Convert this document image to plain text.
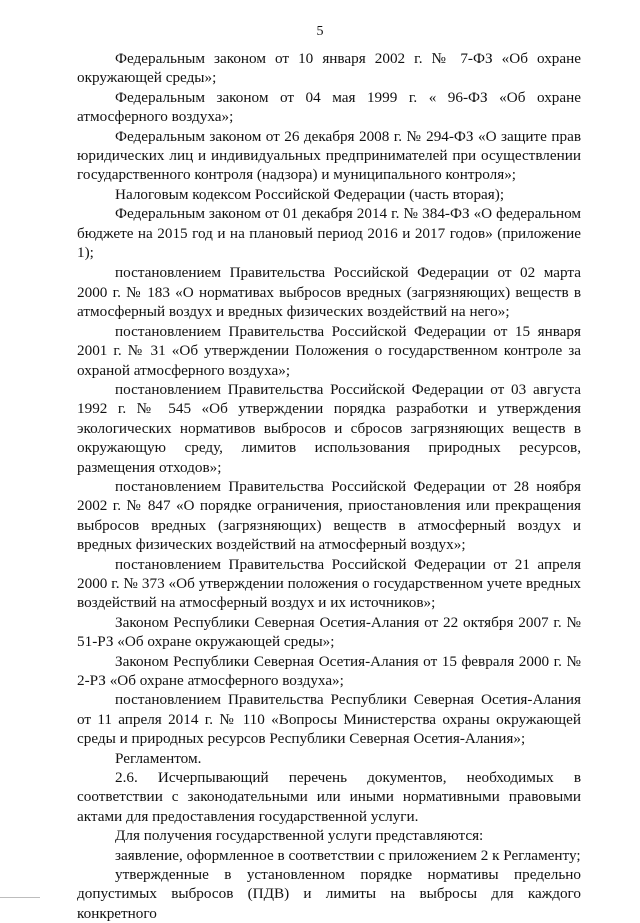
5

Федеральным законом от 10 января 2002 г. № 7-ФЗ «Об охране окружающей среды»;

Федеральным законом от 04 мая 1999 г. « 96-ФЗ «Об охране атмосферного воздуха»;

Федеральным законом от 26 декабря 2008 г. № 294-ФЗ «О защите прав юридических лиц и индивидуальных предпринимателей при осуществлении государственного контроля (надзора) и муниципального контроля»;

Налоговым кодексом Российской Федерации (часть вторая);

Федеральным законом от 01 декабря 2014 г. № 384-ФЗ «О федеральном бюджете на 2015 год и на плановый период 2016 и 2017 годов» (приложение 1);

постановлением Правительства Российской Федерации от 02 марта 2000 г. № 183 «О нормативах выбросов вредных (загрязняющих) веществ в атмосферный воздух и вредных физических воздействий на него»;

постановлением Правительства Российской Федерации от 15 января 2001 г. № 31 «Об утверждении Положения о государственном контроле за охраной атмосферного воздуха»;

постановлением Правительства Российской Федерации от 03 августа 1992 г. № 545 «Об утверждении порядка разработки и утверждения экологических нормативов выбросов и сбросов загрязняющих веществ в окружающую среду, лимитов использования природных ресурсов, размещения отходов»;

постановлением Правительства Российской Федерации от 28 ноября 2002 г. № 847 «О порядке ограничения, приостановления или прекращения выбросов вредных (загрязняющих) веществ в атмосферный воздух и вредных физических воздействий на атмосферный воздух»;

постановлением Правительства Российской Федерации от 21 апреля 2000 г. № 373 «Об утверждении положения о государственном учете вредных воздействий на атмосферный воздух и их источников»;

Законом Республики Северная Осетия-Алания от 22 октября 2007 г. № 51-РЗ «Об охране окружающей среды»;

Законом Республики Северная Осетия-Алания от 15 февраля 2000 г. № 2-РЗ «Об охране атмосферного воздуха»;

постановлением Правительства Республики Северная Осетия-Алания от 11 апреля 2014 г. № 110 «Вопросы Министерства охраны окружающей среды и природных ресурсов Республики Северная Осетия-Алания»;

Регламентом.

2.6. Исчерпывающий перечень документов, необходимых в соответствии с законодательными или иными нормативными правовыми актами для предоставления государственной услуги.

Для получения государственной услуги представляются:

заявление, оформленное в соответствии с приложением 2 к Регламенту;

утвержденные в установленном порядке нормативы предельно допустимых выбросов (ПДВ) и лимиты на выбросы для каждого конкретного
